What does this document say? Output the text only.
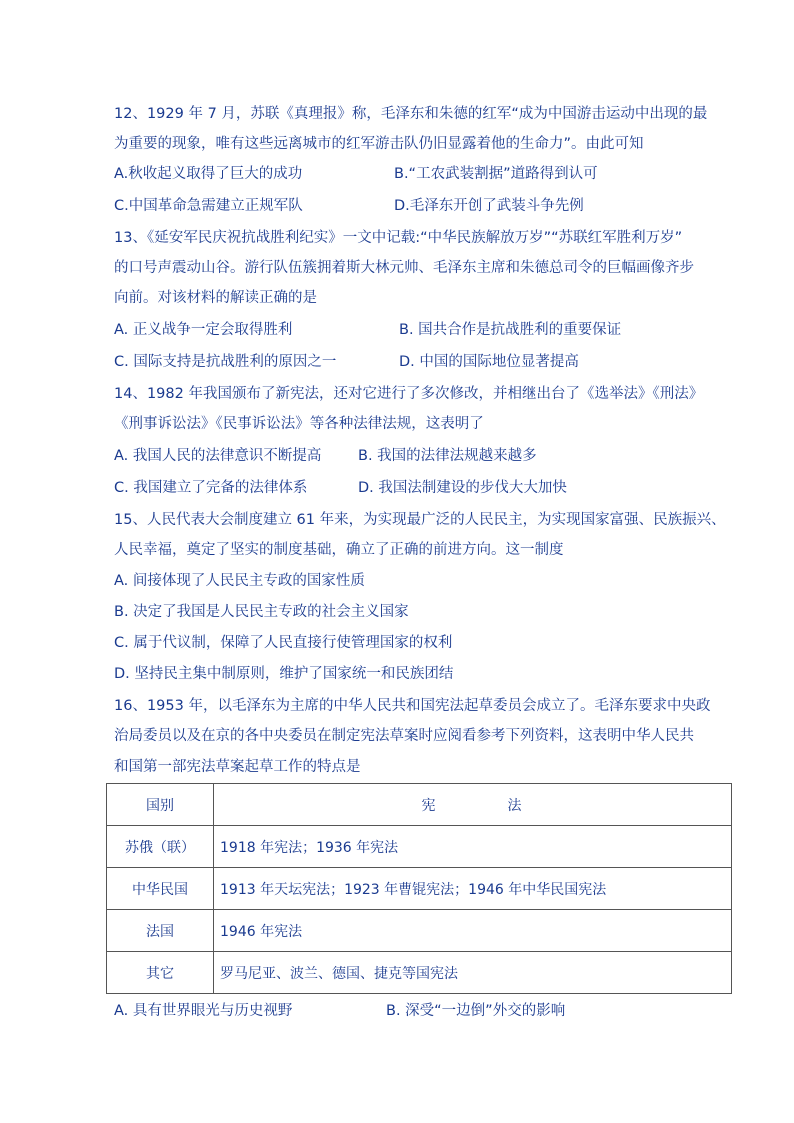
12、1929 年 7 月，苏联《真理报》称，毛泽东和朱德的红军“成为中国游击运动中出现的最
为重要的现象，唯有这些远离城市的红军游击队仍旧显露着他的生命力”。由此可知
A.秋收起义取得了巨大的成功	B.“工农武装割据”道路得到认可
C.中国革命急需建立正规军队	D.毛泽东开创了武装斗争先例
13、《延安军民庆祝抗战胜利纪实》一文中记载:“中华民族解放万岁”“苏联红军胜利万岁”
的口号声震动山谷。游行队伍簇拥着斯大林元帅、毛泽东主席和朱德总司令的巨幅画像齐步
向前。对该材料的解读正确的是
A. 正义战争一定会取得胜利	B. 国共合作是抗战胜利的重要保证
C. 国际支持是抗战胜利的原因之一	D. 中国的国际地位显著提高
14、1982 年我国颁布了新宪法，还对它进行了多次修改，并相继出台了《选举法》《刑法》
《刑事诉讼法》《民事诉讼法》等各种法律法规，这表明了
A. 我国人民的法律意识不断提高	B. 我国的法律法规越来越多
C. 我国建立了完备的法律体系	D. 我国法制建设的步伐大大加快
15、人民代表大会制度建立 61 年来，为实现最广泛的人民民主，为实现国家富强、民族振兴、
人民幸福，奠定了坚实的制度基础，确立了正确的前进方向。这一制度
A. 间接体现了人民民主专政的国家性质
B. 决定了我国是人民民主专政的社会主义国家
C. 属于代议制，保障了人民直接行使管理国家的权利
D. 坚持民主集中制原则，维护了国家统一和民族团结
16、1953 年，以毛泽东为主席的中华人民共和国宪法起草委员会成立了。毛泽东要求中央政
治局委员以及在京的各中央委员在制定宪法草案时应阅看参考下列资料，这表明中华人民共
和国第一部宪法草案起草工作的特点是
国别	宪 法
苏俄（联）	1918 年宪法；1936 年宪法
中华民国	1913 年天坛宪法；1923 年曹锟宪法；1946 年中华民国宪法
法国	1946 年宪法
其它	罗马尼亚、波兰、德国、捷克等国宪法
A. 具有世界眼光与历史视野	B. 深受“一边倒”外交的影响
